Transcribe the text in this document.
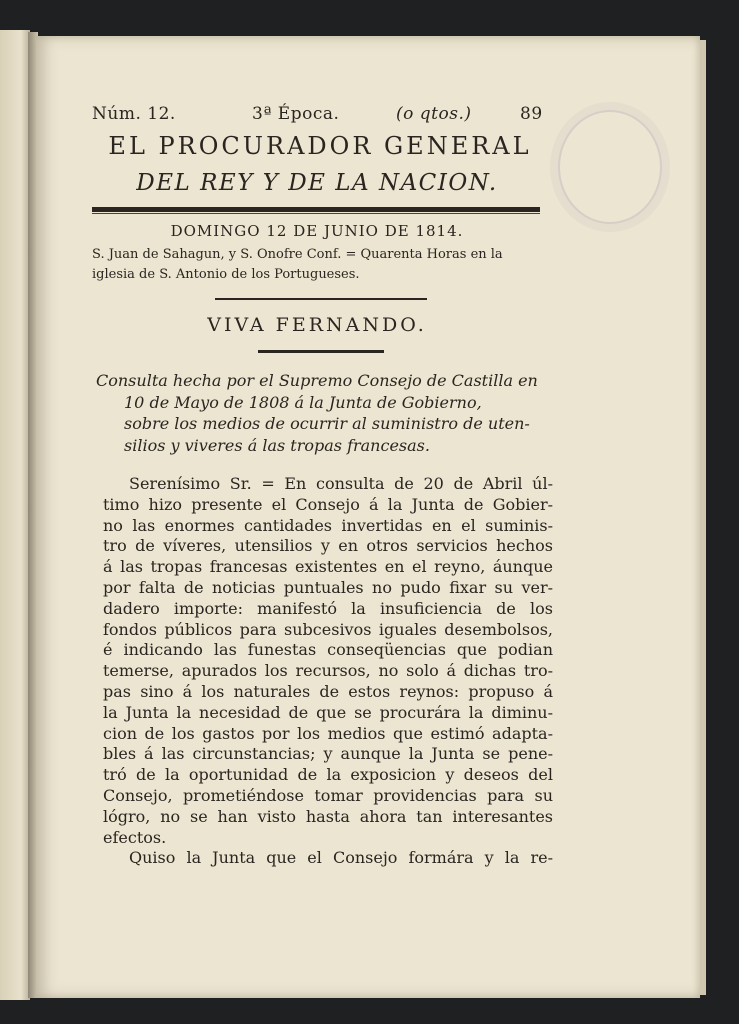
Núm. 12.	3ª Época.	(o qtos.)	89
EL PROCURADOR GENERAL
DEL REY Y DE LA NACION.
DOMINGO 12 DE JUNIO DE 1814.
S. Juan de Sahagun, y S. Onofre Conf. = Quarenta Horas en la iglesia de S. Antonio de los Portugueses.
VIVA FERNANDO.
Consulta hecha por el Supremo Consejo de Castilla en
10 de Mayo de 1808 á la Junta de Gobierno,
sobre los medios de ocurrir al suministro de uten-
silios y viveres á las tropas francesas.
Serenísimo Sr. = En consulta de 20 de Abril úl-
timo hizo presente el Consejo á la Junta de Gobier-
no las enormes cantidades invertidas en el suminis-
tro de víveres, utensilios y en otros servicios hechos
á las tropas francesas existentes en el reyno, áunque
por falta de noticias puntuales no pudo fixar su ver-
dadero importe: manifestó la insuficiencia de los
fondos públicos para subcesivos iguales desembolsos,
é indicando las funestas conseqüencias que podian
temerse, apurados los recursos, no solo á dichas tro-
pas sino á los naturales de estos reynos: propuso á
la Junta la necesidad de que se procurára la diminu-
cion de los gastos por los medios que estimó adapta-
bles á las circunstancias; y aunque la Junta se pene-
tró de la oportunidad de la exposicion y deseos del
Consejo, prometiéndose tomar providencias para su
lógro, no se han visto hasta ahora tan interesantes
efectos.
Quiso la Junta que el Consejo formára y la re-
